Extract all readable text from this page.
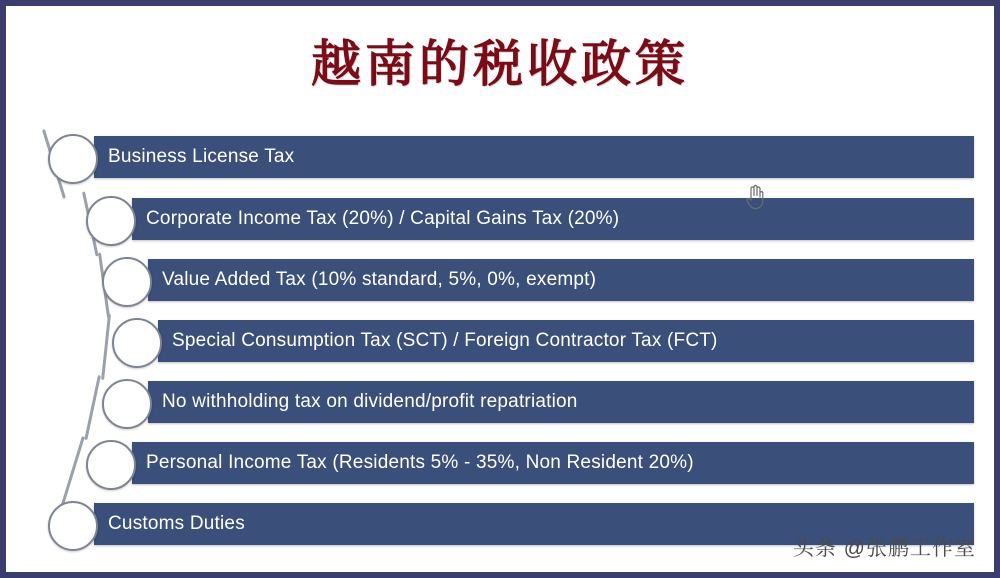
越南的税收政策
Business License Tax
Corporate Income Tax (20%) / Capital Gains Tax (20%)
Value Added Tax (10% standard, 5%, 0%, exempt)
Special Consumption Tax (SCT) / Foreign Contractor Tax (FCT)
No withholding tax on dividend/profit repatriation
Personal Income Tax (Residents 5% - 35%, Non Resident 20%)
Customs Duties
头条 @张鹏工作室
